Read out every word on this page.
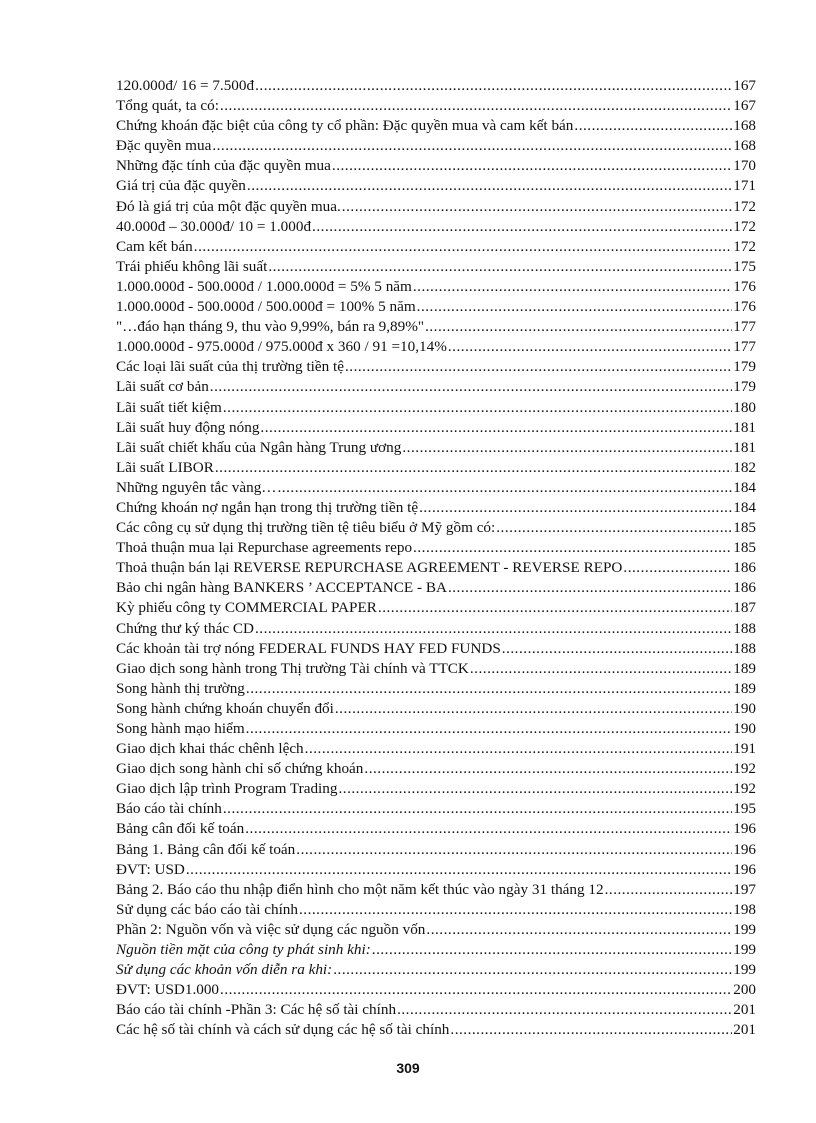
120.000đ/ 16 = 7.500đ .....	167
Tổng quát, ta có: .....	167
Chứng khoán đặc biệt của công ty cổ phần: Đặc quyền mua và cam kết bán .....	168
Đặc quyền mua .....	168
Những đặc tính của đặc quyền mua .....	170
Giá trị của đặc quyền .....	171
Đó là giá trị của một đặc quyền mua. .....	172
40.000đ – 30.000đ/ 10 = 1.000đ .....	172
Cam kết bán .....	172
Trái phiếu không lãi suất .....	175
1.000.000đ - 500.000đ / 1.000.000đ = 5% 5 năm .....	176
1.000.000đ - 500.000đ / 500.000đ = 100% 5 năm .....	176
"…đáo hạn tháng 9, thu vào 9,99%, bán ra 9,89%" .....	177
1.000.000đ - 975.000đ / 975.000đ x 360 / 91 =10,14% .....	177
Các loại lãi suất của thị trường tiền tệ .....	179
Lãi suất cơ bản .....	179
Lãi suất tiết kiệm .....	180
Lãi suất huy động nóng .....	181
Lãi suất chiết khấu của Ngân hàng Trung ương .....	181
Lãi suất LIBOR .....	182
Những nguyên tắc vàng… .....	184
Chứng khoán nợ ngắn hạn trong thị trường tiền tệ .....	184
Các công cụ sử dụng thị trường tiền tệ tiêu biểu ở Mỹ gồm có: .....	185
Thoả thuận mua lại Repurchase agreements repo .....	185
Thoả thuận bán lại REVERSE REPURCHASE AGREEMENT - REVERSE REPO .....	186
Bảo chi ngân hàng BANKERS ’ ACCEPTANCE - BA .....	186
Kỳ phiếu công ty COMMERCIAL PAPER .....	187
Chứng thư ký thác CD .....	188
Các khoản tài trợ nóng FEDERAL FUNDS HAY FED FUNDS .....	188
Giao dịch song hành trong Thị trường Tài chính và TTCK .....	189
Song hành thị trường .....	189
Song hành chứng khoán chuyển đổi .....	190
Song hành mạo hiểm .....	190
Giao dịch khai thác chênh lệch .....	191
Giao dịch song hành chỉ số chứng khoán .....	192
Giao dịch lập trình Program Trading .....	192
Báo cáo tài chính .....	195
Bảng cân đối kế toán .....	196
Bảng 1. Bảng cân đối kế toán .....	196
ĐVT: USD .....	196
Bảng 2. Báo cáo thu nhập điển hình cho một năm kết thúc vào ngày 31 tháng 12 .....	197
Sử dụng các báo cáo tài chính .....	198
Phần 2: Nguồn vốn và việc sử dụng các nguồn vốn .....	199
Nguồn tiền mặt của công ty phát sinh khi: .....	199
Sử dụng các khoản vốn diễn ra khi: .....	199
ĐVT: USD1.000 .....	200
Báo cáo tài chính -Phần 3: Các hệ số tài chính .....	201
Các hệ số tài chính và cách sử dụng các hệ số tài chính .....	201
309
